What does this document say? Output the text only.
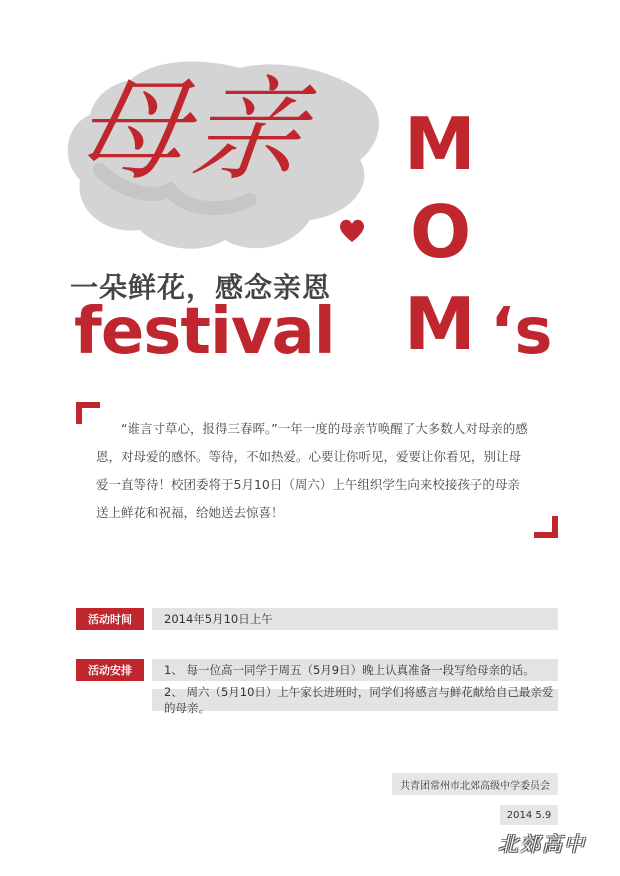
母亲 M
O
M ‘s
一朵鲜花，感念亲恩
festival
“谁言寸草心，报得三春晖。”一年一度的母亲节唤醒了大多数人对母亲的感恩，对母爱的感怀。等待，不如热爱。心要让你听见，爱要让你看见，别让母爱一直等待！校团委将于5月10日（周六）上午组织学生向来校接孩子的母亲送上鲜花和祝福，给她送去惊喜！
活动时间	2014年5月10日上午
活动安排	1、 每一位高一同学于周五（5月9日）晚上认真准备一段写给母亲的话。
2、 周六（5月10日）上午家长进班时，同学们将感言与鲜花献给自己最亲爱的母亲。
共青团常州市北郊高级中学委员会
2014 5.9
北郊高中
